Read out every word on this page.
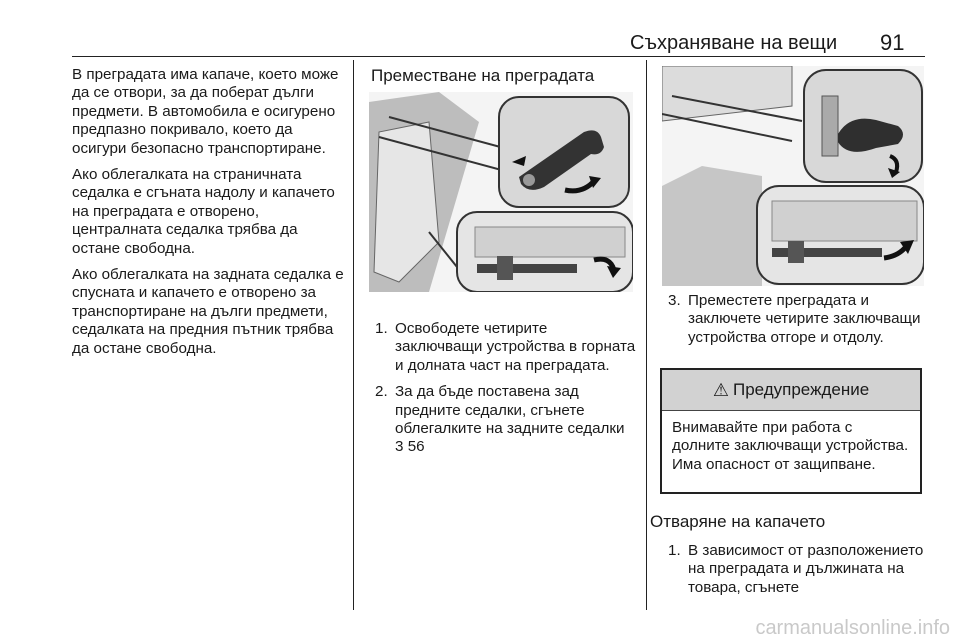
Съхраняване на вещи 91

В преградата има капаче, което може да се отвори, за да поберат дълги предмети. В автомобила е осигурено предпазно покривало, което да осигури безопасно транспортиране.

Ако облегалката на страничната седалка е сгъната надолу и капачето на преградата е отворено, централната седалка трябва да остане свободна.

Ако облегалката на задната седалка е спусната и капачето е отворено за транспортиране на дълги предмети, седалката на предния пътник трябва да остане свободна.

Преместване на преградата
1. Освободете четирите заключващи устройства в горната и долната част на преградата.
2. За да бъде поставена зад предните седалки, сгънете облегалките на задните седалки 3 56
3. Преместете преградата и заключете четирите заключващи устройства отгоре и отдолу.
⚠ Предупреждение
Внимавайте при работа с долните заключващи устройства. Има опасност от защипване.
Отваряне на капачето
1. В зависимост от разположението на преградата и дължината на товара, сгънете
carmanualsonline.info
